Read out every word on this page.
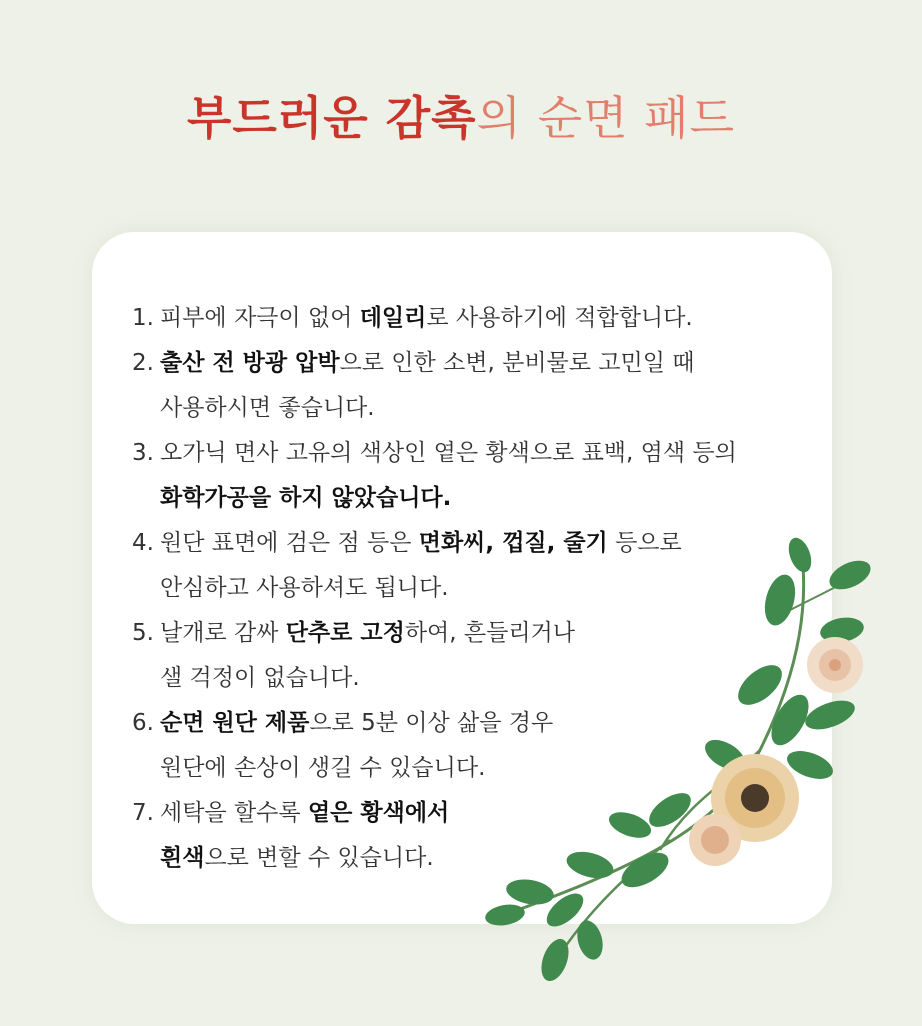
부드러운 감촉의 순면 패드
1. 피부에 자극이 없어 데일리로 사용하기에 적합합니다.
2. 출산 전 방광 압박으로 인한 소변, 분비물로 고민일 때
사용하시면 좋습니다.
3. 오가닉 면사 고유의 색상인 옅은 황색으로 표백, 염색 등의
화학가공을 하지 않았습니다.
4. 원단 표면에 검은 점 등은 면화씨, 껍질, 줄기 등으로
안심하고 사용하셔도 됩니다.
5. 날개로 감싸 단추로 고정하여, 흔들리거나
샐 걱정이 없습니다.
6. 순면 원단 제품으로 5분 이상 삶을 경우
원단에 손상이 생길 수 있습니다.
7. 세탁을 할수록 옅은 황색에서
흰색으로 변할 수 있습니다.
